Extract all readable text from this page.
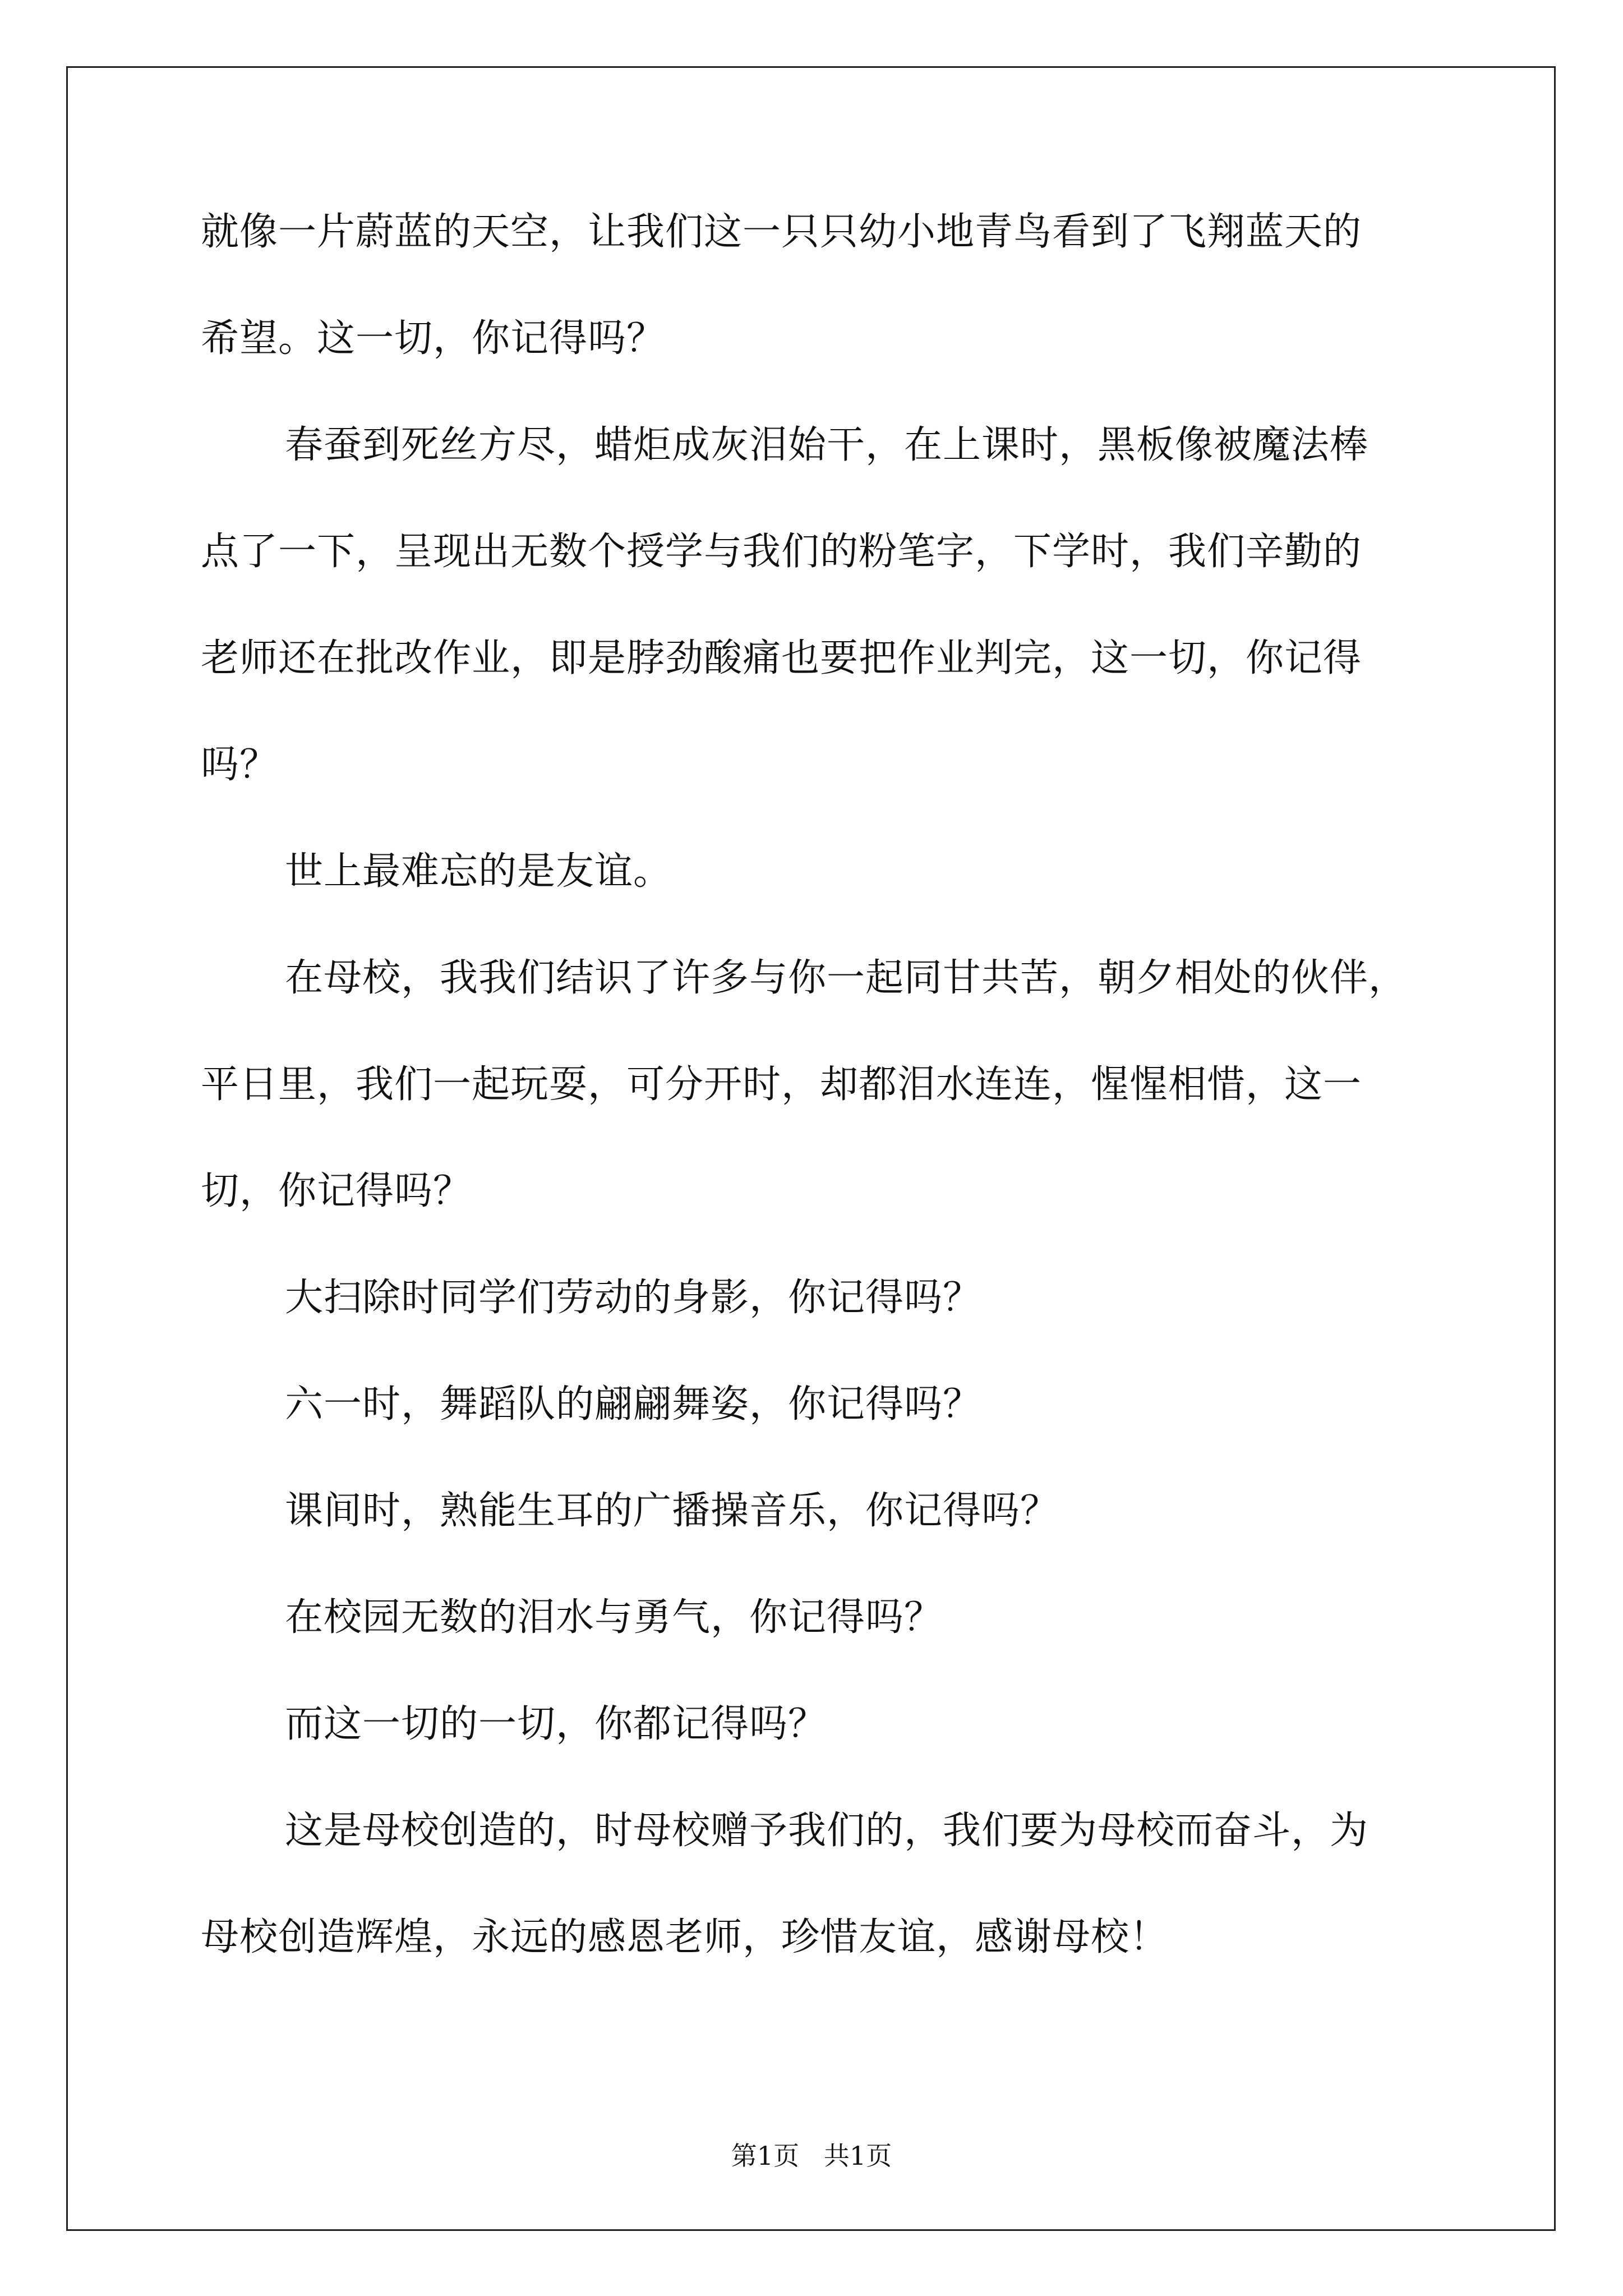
就像一片蔚蓝的天空，让我们这一只只幼小地青鸟看到了飞翔蓝天的

希望。这一切，你记得吗？

春蚕到死丝方尽，蜡炬成灰泪始干，在上课时，黑板像被魔法棒

点了一下，呈现出无数个授学与我们的粉笔字，下学时，我们辛勤的

老师还在批改作业，即是脖劲酸痛也要把作业判完，这一切，你记得

吗？

世上最难忘的是友谊。

在母校，我我们结识了许多与你一起同甘共苦，朝夕相处的伙伴，

平日里，我们一起玩耍，可分开时，却都泪水连连，惺惺相惜，这一

切，你记得吗？

大扫除时同学们劳动的身影，你记得吗？

六一时，舞蹈队的翩翩舞姿，你记得吗？

课间时，熟能生耳的广播操音乐，你记得吗？

在校园无数的泪水与勇气，你记得吗？

而这一切的一切，你都记得吗？

这是母校创造的，时母校赠予我们的，我们要为母校而奋斗，为

母校创造辉煌，永远的感恩老师，珍惜友谊，感谢母校！

第1页   共1页
